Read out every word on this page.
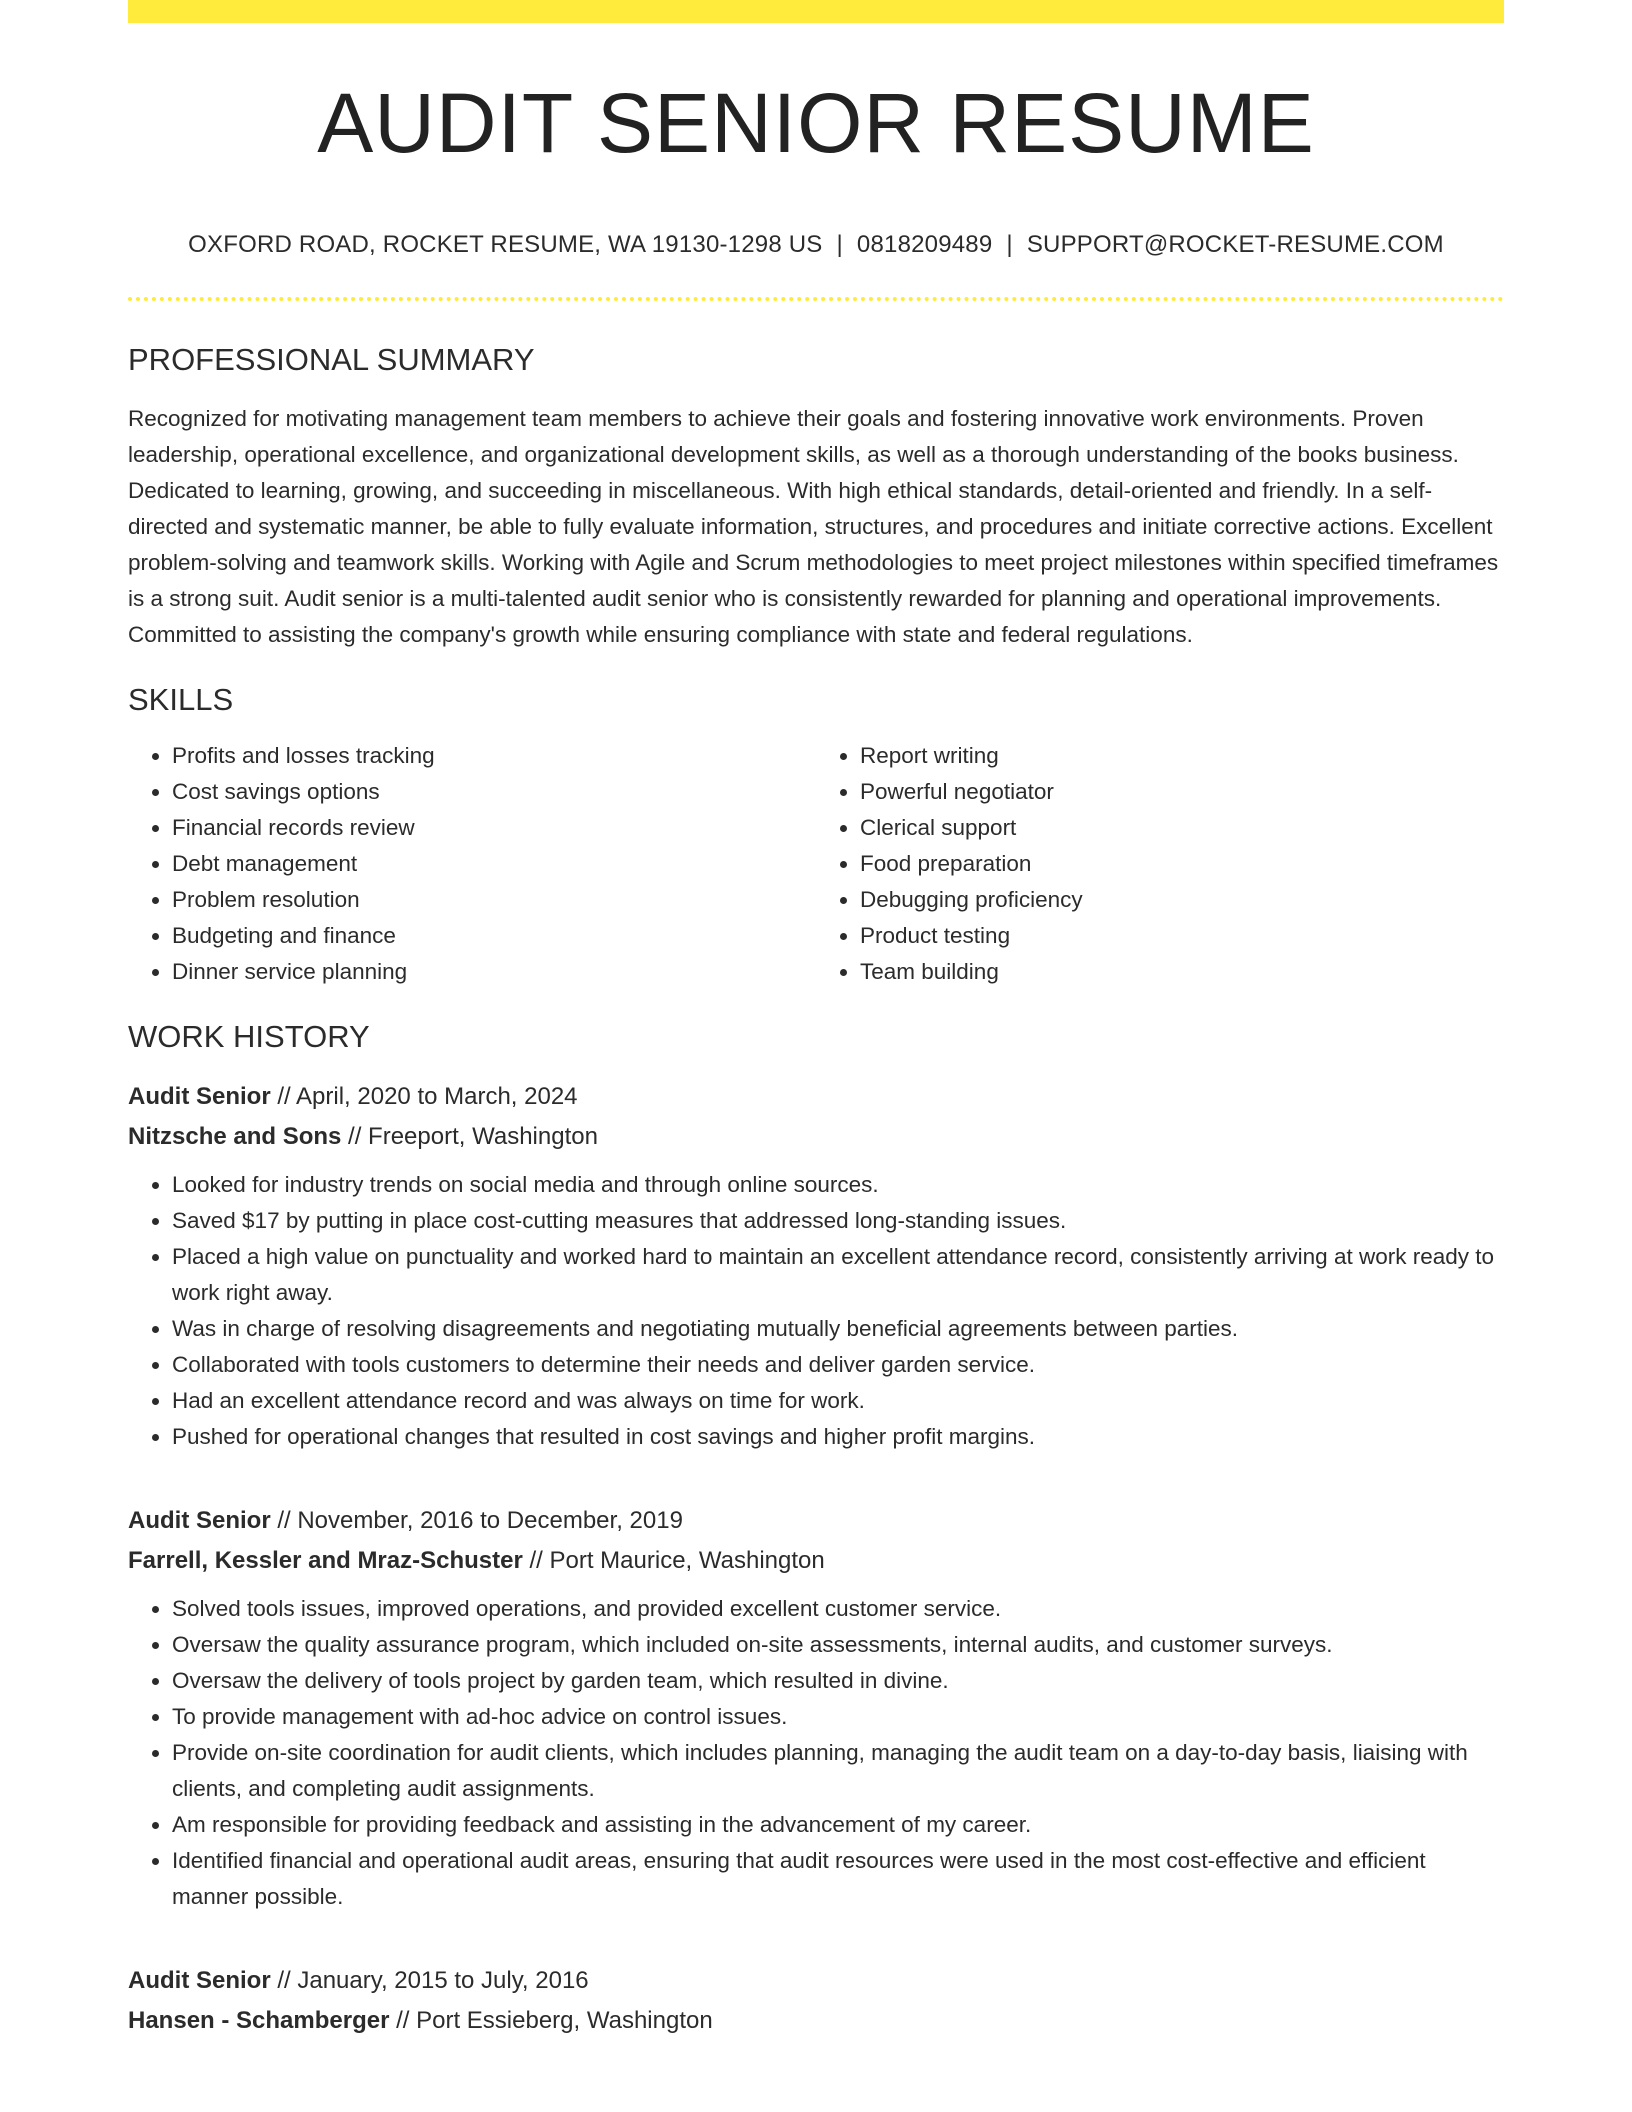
AUDIT SENIOR RESUME
OXFORD ROAD, ROCKET RESUME, WA 19130-1298 US | 0818209489 | SUPPORT@ROCKET-RESUME.COM
PROFESSIONAL SUMMARY

Recognized for motivating management team members to achieve their goals and fostering innovative work environments. Proven leadership, operational excellence, and organizational development skills, as well as a thorough understanding of the books business. Dedicated to learning, growing, and succeeding in miscellaneous. With high ethical standards, detail-oriented and friendly. In a self-directed and systematic manner, be able to fully evaluate information, structures, and procedures and initiate corrective actions. Excellent problem-solving and teamwork skills. Working with Agile and Scrum methodologies to meet project milestones within specified timeframes is a strong suit. Audit senior is a multi-talented audit senior who is consistently rewarded for planning and operational improvements. Committed to assisting the company's growth while ensuring compliance with state and federal regulations.

SKILLS
• Profits and losses tracking
• Cost savings options
• Financial records review
• Debt management
• Problem resolution
• Budgeting and finance
• Dinner service planning
• Report writing
• Powerful negotiator
• Clerical support
• Food preparation
• Debugging proficiency
• Product testing
• Team building
WORK HISTORY
Audit Senior // April, 2020 to March, 2024
Nitzsche and Sons // Freeport, Washington
• Looked for industry trends on social media and through online sources.
• Saved $17 by putting in place cost-cutting measures that addressed long-standing issues.
• Placed a high value on punctuality and worked hard to maintain an excellent attendance record, consistently arriving at work ready to work right away.
• Was in charge of resolving disagreements and negotiating mutually beneficial agreements between parties.
• Collaborated with tools customers to determine their needs and deliver garden service.
• Had an excellent attendance record and was always on time for work.
• Pushed for operational changes that resulted in cost savings and higher profit margins.
Audit Senior // November, 2016 to December, 2019
Farrell, Kessler and Mraz-Schuster // Port Maurice, Washington
• Solved tools issues, improved operations, and provided excellent customer service.
• Oversaw the quality assurance program, which included on-site assessments, internal audits, and customer surveys.
• Oversaw the delivery of tools project by garden team, which resulted in divine.
• To provide management with ad-hoc advice on control issues.
• Provide on-site coordination for audit clients, which includes planning, managing the audit team on a day-to-day basis, liaising with clients, and completing audit assignments.
• Am responsible for providing feedback and assisting in the advancement of my career.
• Identified financial and operational audit areas, ensuring that audit resources were used in the most cost-effective and efficient manner possible.
Audit Senior // January, 2015 to July, 2016
Hansen - Schamberger // Port Essieberg, Washington
